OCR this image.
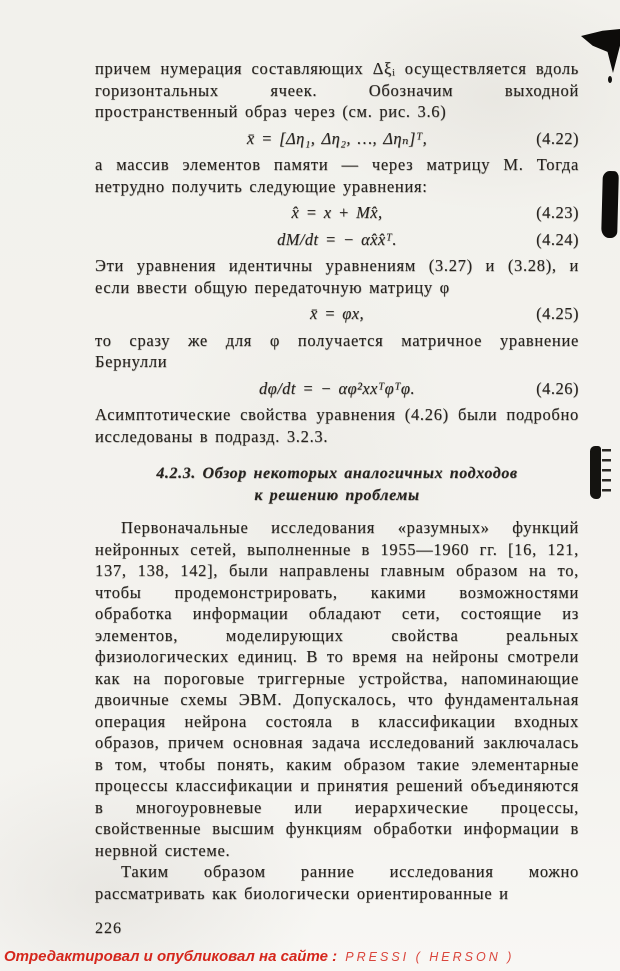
причем нумерация составляющих Δξᵢ осуществляется вдоль горизонтальных ячеек. Обозначим выходной пространственный образ через (см. рис. 3.6)

x̄ = [Δη₁, Δη₂, …, Δηₙ]ᵀ,	(4.22)

а массив элементов памяти — через матрицу M. Тогда нетрудно получить следующие уравнения:

x̂ = x + Mx̂,	(4.23)
dM/dt = − αx̂x̂ᵀ.	(4.24)

Эти уравнения идентичны уравнениям (3.27) и (3.28), и если ввести общую передаточную матрицу φ

x̄ = φx,	(4.25)

то сразу же для φ получается матричное уравнение Бернулли

dφ/dt = − αφ²xxᵀφᵀφ.	(4.26)

Асимптотические свойства уравнения (4.26) были подробно исследованы в подразд. 3.2.3.

4.2.3. Обзор некоторых аналогичных подходов
к решению проблемы

Первоначальные исследования «разумных» функций нейронных сетей, выполненные в 1955—1960 гг. [16, 121, 137, 138, 142], были направлены главным образом на то, чтобы продемонстрировать, какими возможностями обработка информации обладают сети, состоящие из элементов, моделирующих свойства реальных физиологических единиц. В то время на нейроны смотрели как на пороговые триггерные устройства, напоминающие двоичные схемы ЭВМ. Допускалось, что фундаментальная операция нейрона состояла в классификации входных образов, причем основная задача исследований заключалась в том, чтобы понять, каким образом такие элементарные процессы классификации и принятия решений объединяются в многоуровневые или иерархические процессы, свойственные высшим функциям обработки информации в нервной системе.

Таким образом ранние исследования можно рассматривать как биологически ориентированные и

226
Отредактировал и опубликовал на сайте : PRESSI ( HERSON )
